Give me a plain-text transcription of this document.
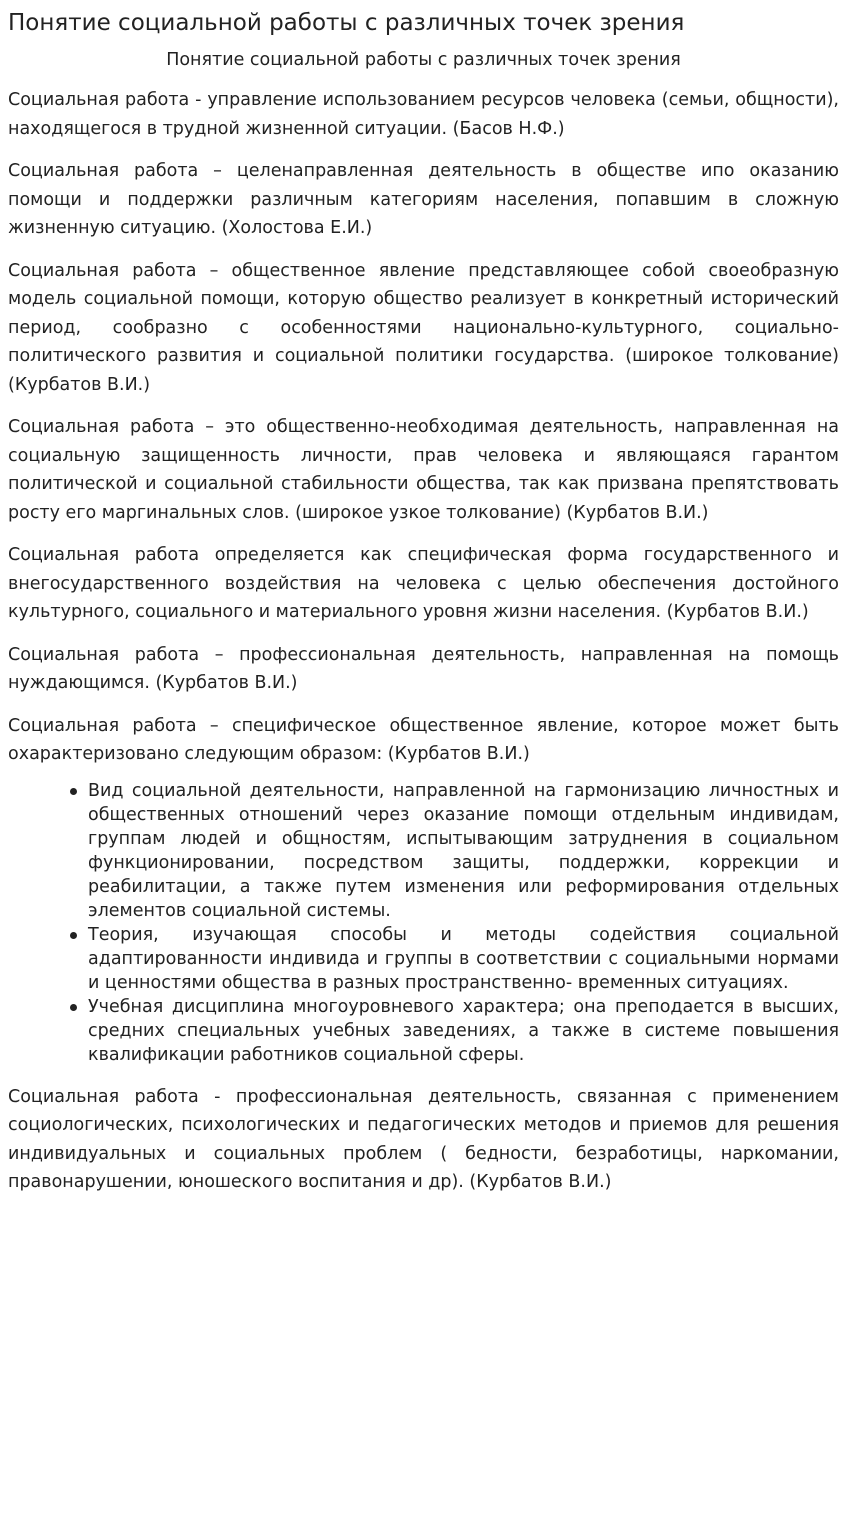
Понятие социальной работы с различных точек зрения
Понятие социальной работы с различных точек зрения

Социальная работа - управление использованием ресурсов человека (семьи, общности), находящегося в трудной жизненной ситуации. (Басов Н.Ф.)

Социальная работа – целенаправленная деятельность в обществе ипо оказанию помощи и поддержки различным категориям населения, попавшим в сложную жизненную ситуацию. (Холостова Е.И.)

Социальная работа – общественное явление представляющее собой своеобразную модель социальной помощи, которую общество реализует в конкретный исторический период, сообразно с особенностями национально-культурного, социально-политического развития и социальной политики государства. (широкое толкование) (Курбатов В.И.)

Социальная работа – это общественно-необходимая деятельность, направленная на социальную защищенность личности, прав человека и являющаяся гарантом политической и социальной стабильности общества, так как призвана препятствовать росту его маргинальных слов. (широкое узкое толкование) (Курбатов В.И.)

Социальная работа определяется как специфическая форма государственного и внегосударственного воздействия на человека с целью обеспечения достойного культурного, социального и материального уровня жизни населения. (Курбатов В.И.)

Социальная работа – профессиональная деятельность, направленная на помощь нуждающимся. (Курбатов В.И.)

Социальная работа – специфическое общественное явление, которое может быть охарактеризовано следующим образом: (Курбатов В.И.)

Вид социальной деятельности, направленной на гармонизацию личностных и общественных отношений через оказание помощи отдельным индивидам, группам людей и общностям, испытывающим затруднения в социальном функционировании, посредством защиты, поддержки, коррекции и реабилитации, а также путем изменения или реформирования отдельных элементов социальной системы.
Теория, изучающая способы и методы содействия социальной адаптированности индивида и группы в соответствии с социальными нормами и ценностями общества в разных пространственно- временных ситуациях.
Учебная дисциплина многоуровневого характера; она преподается в высших, средних специальных учебных заведениях, а также в системе повышения квалификации работников социальной сферы.

Социальная работа - профессиональная деятельность, связанная с применением социологических, психологических и педагогических методов и приемов для решения индивидуальных и социальных проблем ( бедности, безработицы, наркомании, правонарушении, юношеского воспитания и др). (Курбатов В.И.)
